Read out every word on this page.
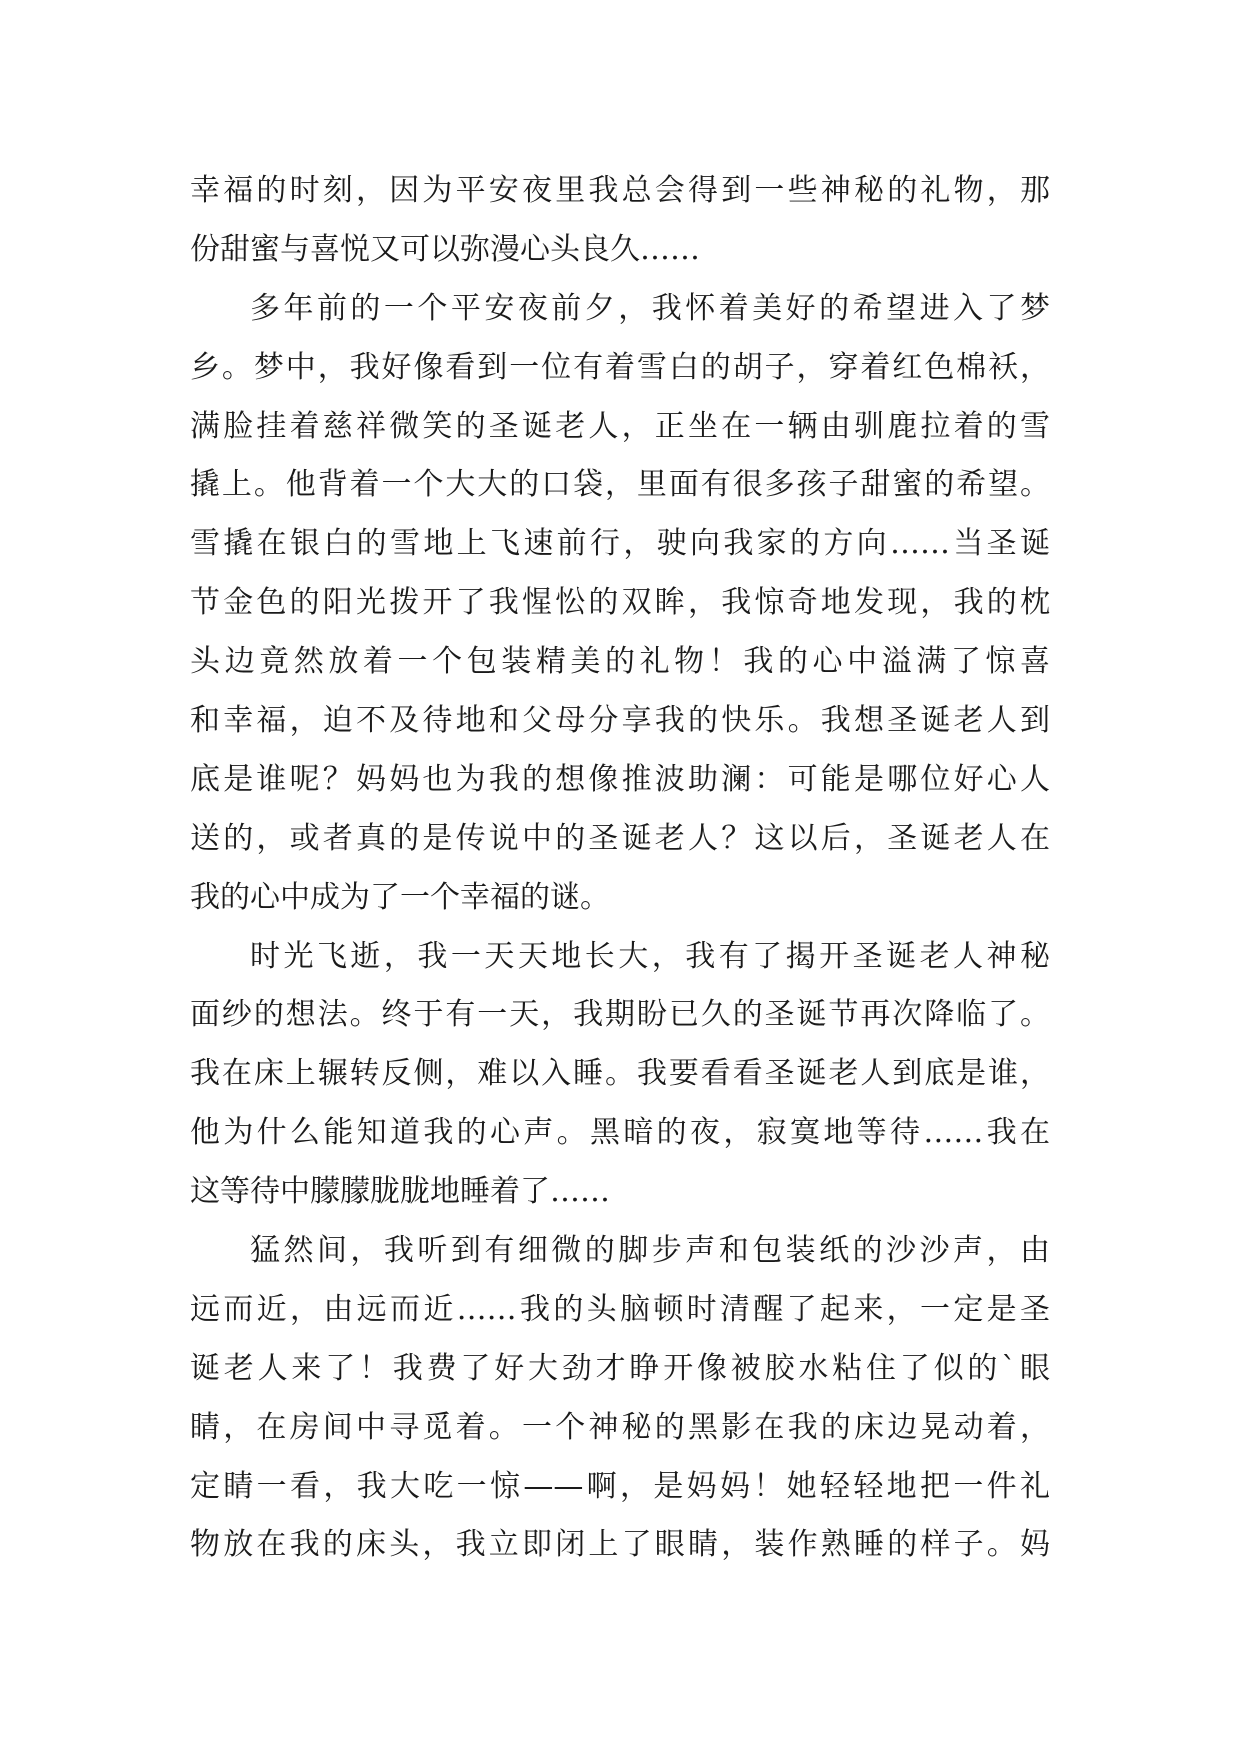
幸福的时刻，因为平安夜里我总会得到一些神秘的礼物，那
份甜蜜与喜悦又可以弥漫心头良久……
多年前的一个平安夜前夕，我怀着美好的希望进入了梦
乡。梦中，我好像看到一位有着雪白的胡子，穿着红色棉袄，
满脸挂着慈祥微笑的圣诞老人，正坐在一辆由驯鹿拉着的雪
撬上。他背着一个大大的口袋，里面有很多孩子甜蜜的希望。
雪撬在银白的雪地上飞速前行，驶向我家的方向……当圣诞
节金色的阳光拨开了我惺忪的双眸，我惊奇地发现，我的枕
头边竟然放着一个包装精美的礼物！我的心中溢满了惊喜
和幸福，迫不及待地和父母分享我的快乐。我想圣诞老人到
底是谁呢？妈妈也为我的想像推波助澜：可能是哪位好心人
送的，或者真的是传说中的圣诞老人？这以后，圣诞老人在
我的心中成为了一个幸福的谜。
时光飞逝，我一天天地长大，我有了揭开圣诞老人神秘
面纱的想法。终于有一天，我期盼已久的圣诞节再次降临了。
我在床上辗转反侧，难以入睡。我要看看圣诞老人到底是谁，
他为什么能知道我的心声。黑暗的夜，寂寞地等待……我在
这等待中朦朦胧胧地睡着了……
猛然间，我听到有细微的脚步声和包装纸的沙沙声，由
远而近，由远而近……我的头脑顿时清醒了起来，一定是圣
诞老人来了！我费了好大劲才睁开像被胶水粘住了似的`眼
睛，在房间中寻觅着。一个神秘的黑影在我的床边晃动着，
定睛一看，我大吃一惊——啊，是妈妈！她轻轻地把一件礼
物放在我的床头，我立即闭上了眼睛，装作熟睡的样子。妈
